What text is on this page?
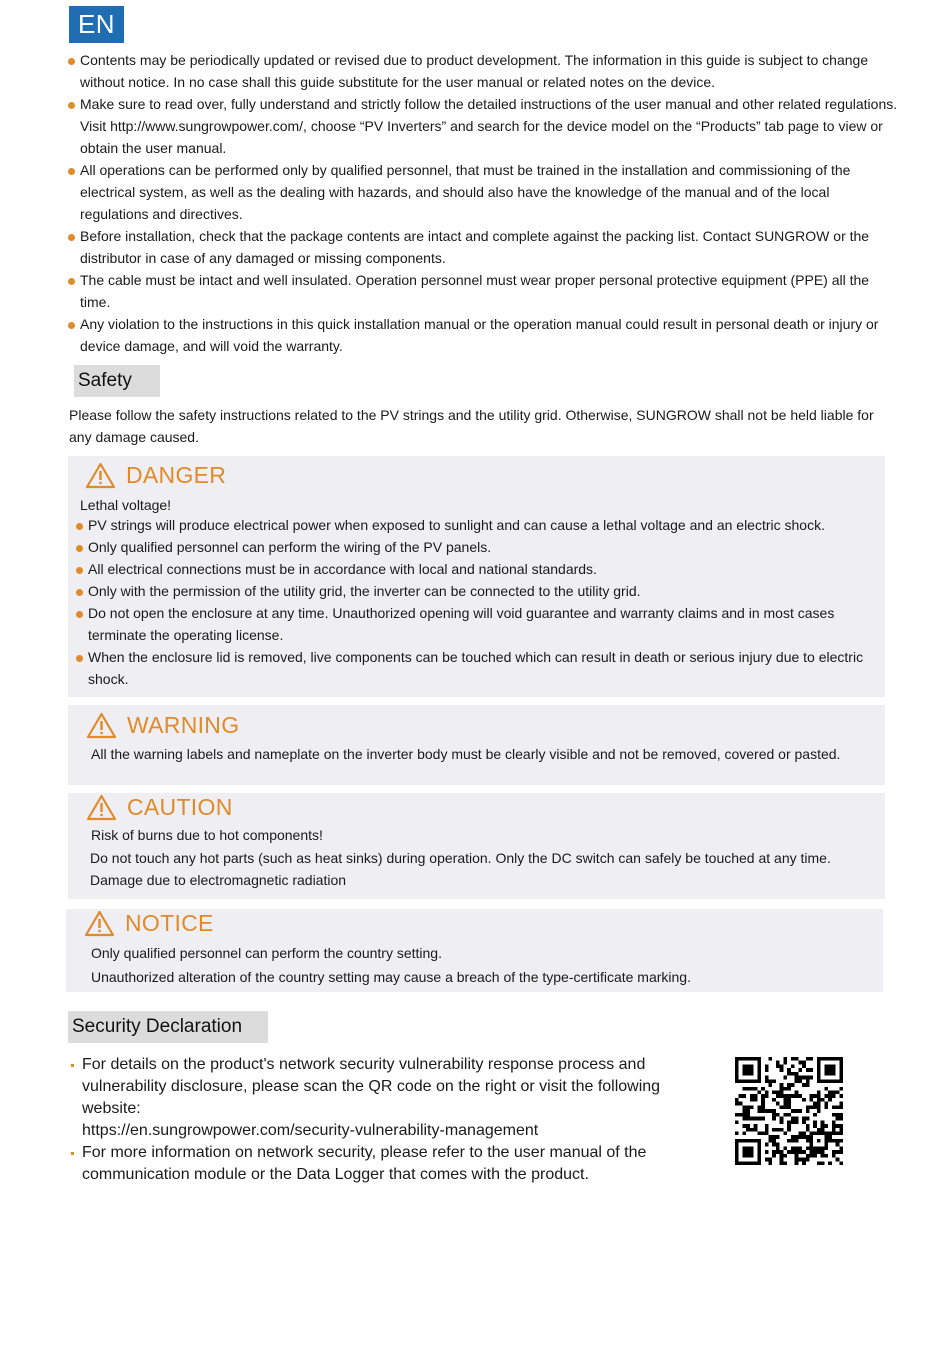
EN
Contents may be periodically updated or revised due to product development. The information in this guide is subject to change without notice. In no case shall this guide substitute for the user manual or related notes on the device.
Make sure to read over, fully understand and strictly follow the detailed instructions of the user manual and other related regulations. Visit http://www.sungrowpower.com/, choose “PV Inverters” and search for the device model on the “Products” tab page to view or obtain the user manual.
All operations can be performed only by qualified personnel, that must be trained in the installation and commissioning of the electrical system, as well as the dealing with hazards, and should also have the knowledge of the manual and of the local regulations and directives.
Before installation, check that the package contents are intact and complete against the packing list. Contact SUNGROW or the distributor in case of any damaged or missing components.
The cable must be intact and well insulated. Operation personnel must wear proper personal protective equipment (PPE) all the time.
Any violation to the instructions in this quick installation manual or the operation manual could result in personal death or injury or device damage, and will void the warranty.
Safety

Please follow the safety instructions related to the PV strings and the utility grid. Otherwise, SUNGROW shall not be held liable for any damage caused.

DANGER

Lethal voltage!

PV strings will produce electrical power when exposed to sunlight and can cause a lethal voltage and an electric shock.
Only qualified personnel can perform the wiring of the PV panels.
All electrical connections must be in accordance with local and national standards.
Only with the permission of the utility grid, the inverter can be connected to the utility grid.
Do not open the enclosure at any time. Unauthorized opening will void guarantee and warranty claims and in most cases terminate the operating license.
When the enclosure lid is removed, live components can be touched which can result in death or serious injury due to electric shock.
WARNING

All the warning labels and nameplate on the inverter body must be clearly visible and not be removed, covered or pasted.

CAUTION

Risk of burns due to hot components!

Do not touch any hot parts (such as heat sinks) during operation. Only the DC switch can safely be touched at any time.

Damage due to electromagnetic radiation

NOTICE

Only qualified personnel can perform the country setting.

Unauthorized alteration of the country setting may cause a breach of the type-certificate marking.

Security Declaration
For details on the product's network security vulnerability response process and vulnerability disclosure, please scan the QR code on the right or visit the following website:
https://en.sungrowpower.com/security-vulnerability-management
For more information on network security, please refer to the user manual of the communication module or the Data Logger that comes with the product.
